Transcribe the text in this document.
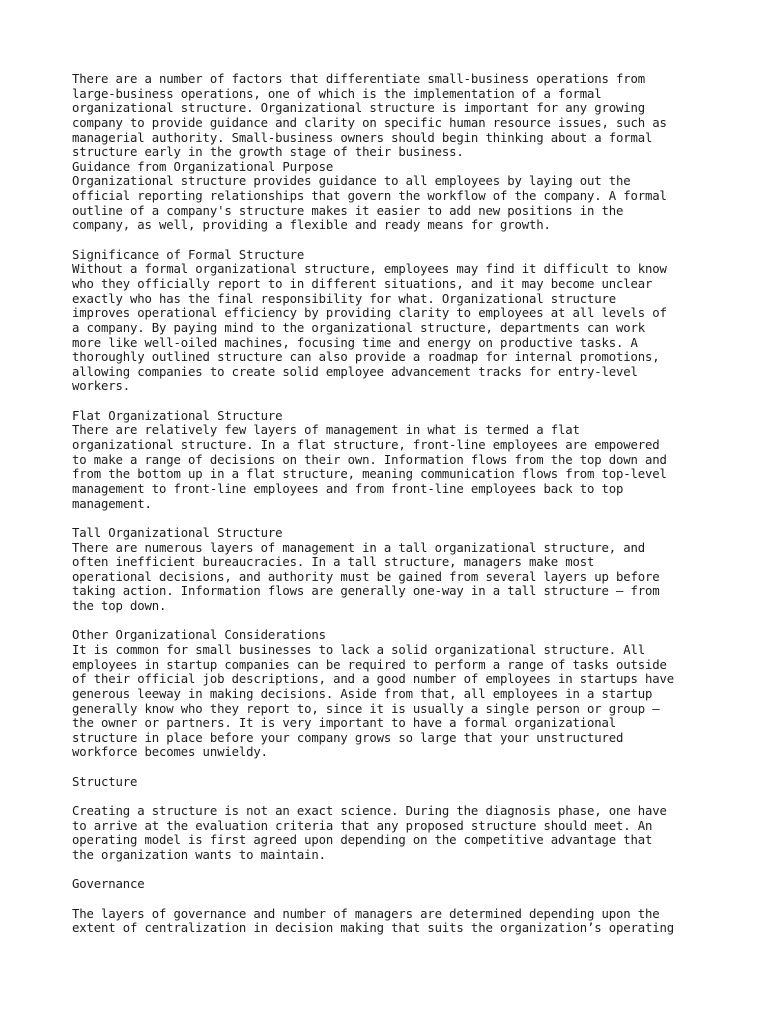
There are a number of factors that differentiate small-business operations from
large-business operations, one of which is the implementation of a formal
organizational structure. Organizational structure is important for any growing
company to provide guidance and clarity on specific human resource issues, such as
managerial authority. Small-business owners should begin thinking about a formal
structure early in the growth stage of their business.
Guidance from Organizational Purpose
Organizational structure provides guidance to all employees by laying out the
official reporting relationships that govern the workflow of the company. A formal
outline of a company's structure makes it easier to add new positions in the
company, as well, providing a flexible and ready means for growth.
Significance of Formal Structure
Without a formal organizational structure, employees may find it difficult to know
who they officially report to in different situations, and it may become unclear
exactly who has the final responsibility for what. Organizational structure
improves operational efficiency by providing clarity to employees at all levels of
a company. By paying mind to the organizational structure, departments can work
more like well-oiled machines, focusing time and energy on productive tasks. A
thoroughly outlined structure can also provide a roadmap for internal promotions,
allowing companies to create solid employee advancement tracks for entry-level
workers.
Flat Organizational Structure
There are relatively few layers of management in what is termed a flat
organizational structure. In a flat structure, front-line employees are empowered
to make a range of decisions on their own. Information flows from the top down and
from the bottom up in a flat structure, meaning communication flows from top-level
management to front-line employees and from front-line employees back to top
management.
Tall Organizational Structure
There are numerous layers of management in a tall organizational structure, and
often inefficient bureaucracies. In a tall structure, managers make most
operational decisions, and authority must be gained from several layers up before
taking action. Information flows are generally one-way in a tall structure – from
the top down.
Other Organizational Considerations
It is common for small businesses to lack a solid organizational structure. All
employees in startup companies can be required to perform a range of tasks outside
of their official job descriptions, and a good number of employees in startups have
generous leeway in making decisions. Aside from that, all employees in a startup
generally know who they report to, since it is usually a single person or group –
the owner or partners. It is very important to have a formal organizational
structure in place before your company grows so large that your unstructured
workforce becomes unwieldy.
Structure
Creating a structure is not an exact science. During the diagnosis phase, one have
to arrive at the evaluation criteria that any proposed structure should meet. An
operating model is first agreed upon depending on the competitive advantage that
the organization wants to maintain.
Governance
The layers of governance and number of managers are determined depending upon the
extent of centralization in decision making that suits the organization’s operating
